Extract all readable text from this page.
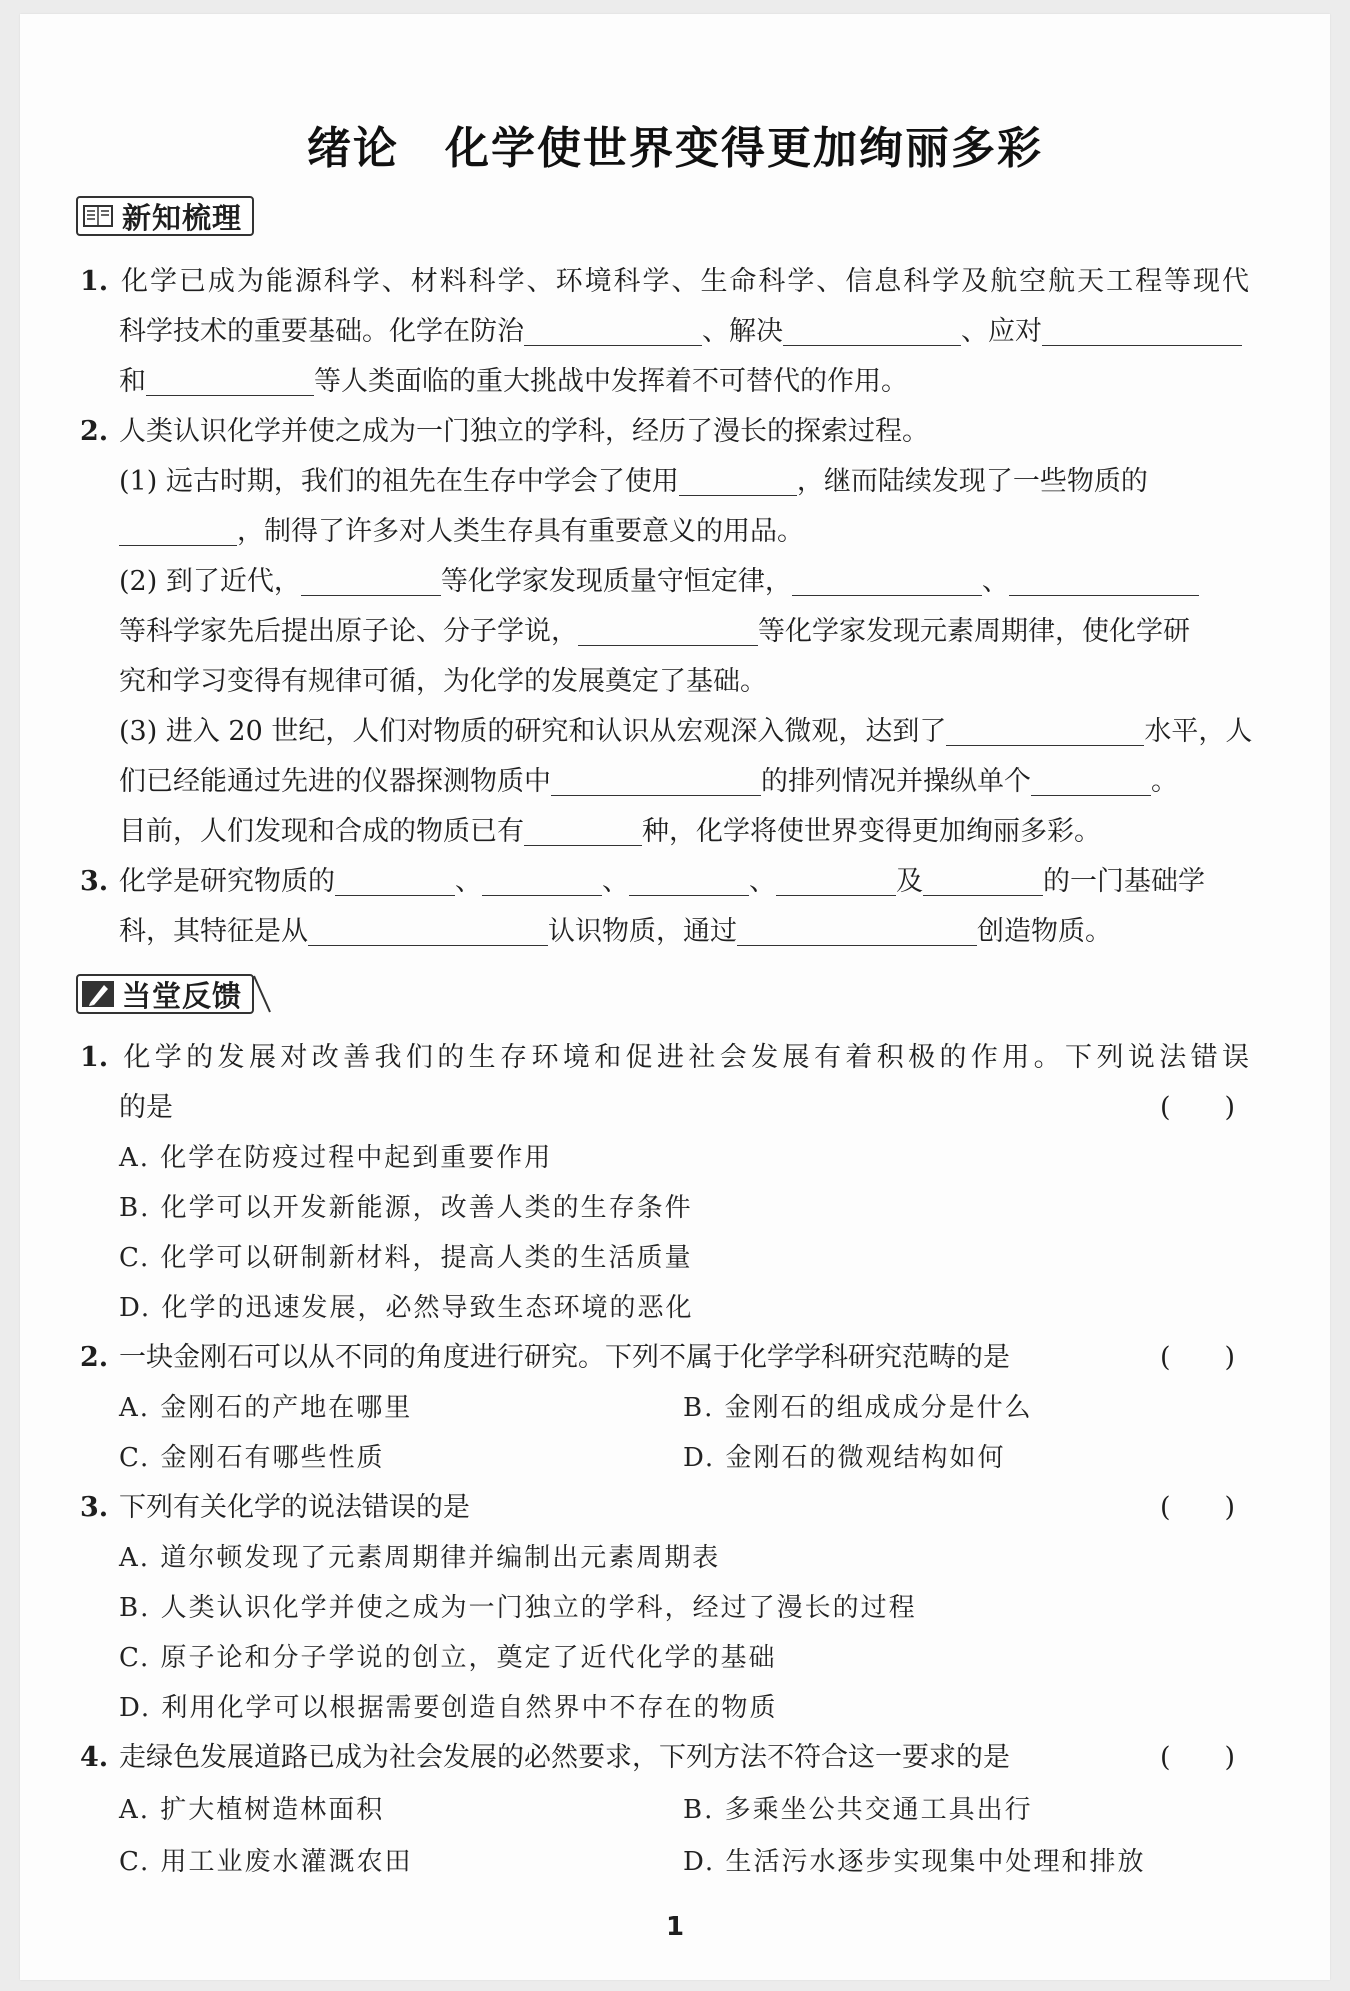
绪论　化学使世界变得更加绚丽多彩
新知梳理
1. 化学已成为能源科学、材料科学、环境科学、生命科学、信息科学及航空航天工程等现代
科学技术的重要基础。化学在防治	、解决	、应对
和	等人类面临的重大挑战中发挥着不可替代的作用。
2. 人类认识化学并使之成为一门独立的学科，经历了漫长的探索过程。
(1) 远古时期，我们的祖先在生存中学会了使用	，继而陆续发现了一些物质的
，制得了许多对人类生存具有重要意义的用品。
(2) 到了近代，	等化学家发现质量守恒定律，	、
等科学家先后提出原子论、分子学说，	等化学家发现元素周期律，使化学研
究和学习变得有规律可循，为化学的发展奠定了基础。
(3) 进入 20 世纪，人们对物质的研究和认识从宏观深入微观，达到了	水平，人
们已经能通过先进的仪器探测物质中	的排列情况并操纵单个	。
目前，人们发现和合成的物质已有	种，化学将使世界变得更加绚丽多彩。
3. 化学是研究物质的	、	、	、	及	的一门基础学
科，其特征是从	认识物质，通过	创造物质。
当堂反馈
1. 化学的发展对改善我们的生存环境和促进社会发展有着积极的作用。下列说法错误
的是	(　　)
A. 化学在防疫过程中起到重要作用
B. 化学可以开发新能源，改善人类的生存条件
C. 化学可以研制新材料，提高人类的生活质量
D. 化学的迅速发展，必然导致生态环境的恶化
2. 一块金刚石可以从不同的角度进行研究。下列不属于化学学科研究范畴的是	(　　)
A. 金刚石的产地在哪里	B. 金刚石的组成成分是什么
C. 金刚石有哪些性质	D. 金刚石的微观结构如何
3. 下列有关化学的说法错误的是	(　　)
A. 道尔顿发现了元素周期律并编制出元素周期表
B. 人类认识化学并使之成为一门独立的学科，经过了漫长的过程
C. 原子论和分子学说的创立，奠定了近代化学的基础
D. 利用化学可以根据需要创造自然界中不存在的物质
4. 走绿色发展道路已成为社会发展的必然要求，下列方法不符合这一要求的是	(　　)
A. 扩大植树造林面积	B. 多乘坐公共交通工具出行
C. 用工业废水灌溉农田	D. 生活污水逐步实现集中处理和排放
1
